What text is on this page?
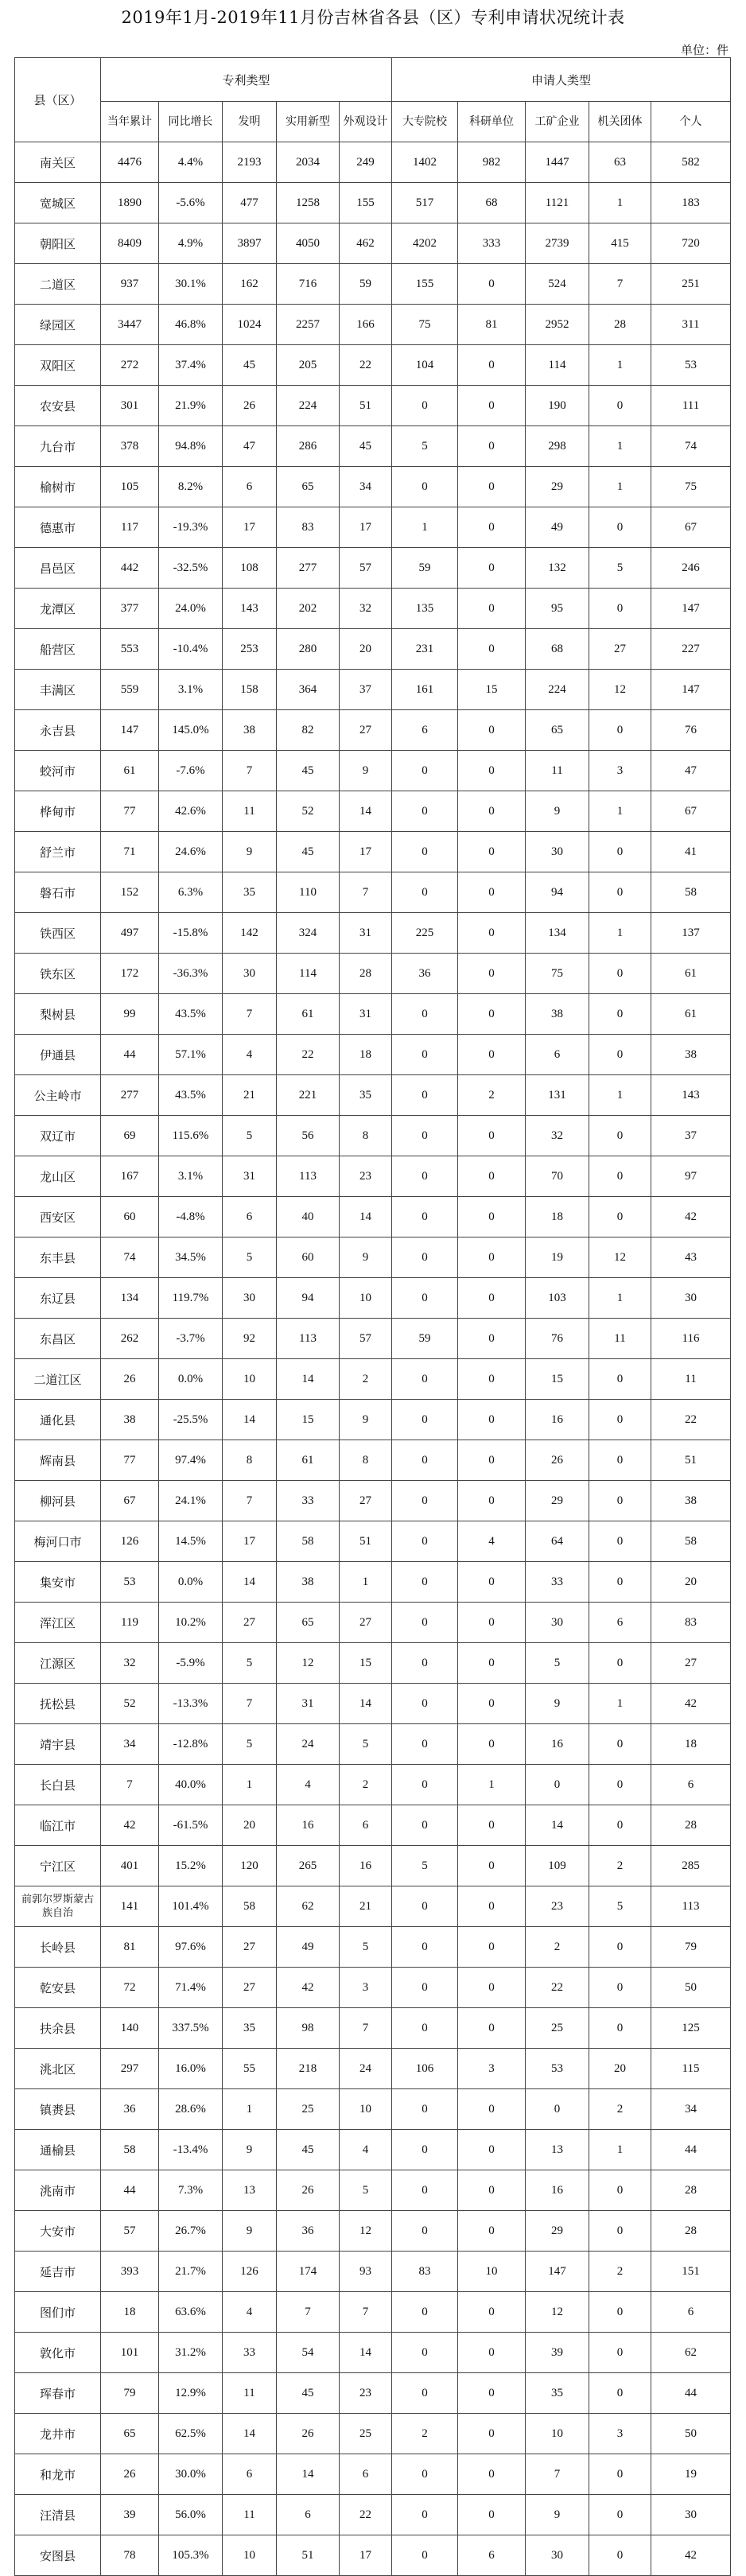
2019年1月-2019年11月份吉林省各县（区）专利申请状况统计表
单位：件
县（区）	专利类型					申请人类型				
	当年累计	同比增长	发明	实用新型	外观设计	大专院校	科研单位	工矿企业	机关团体	个人
南关区	4476	4.4%	2193	2034	249	1402	982	1447	63	582
宽城区	1890	-5.6%	477	1258	155	517	68	1121	1	183
朝阳区	8409	4.9%	3897	4050	462	4202	333	2739	415	720
二道区	937	30.1%	162	716	59	155	0	524	7	251
绿园区	3447	46.8%	1024	2257	166	75	81	2952	28	311
双阳区	272	37.4%	45	205	22	104	0	114	1	53
农安县	301	21.9%	26	224	51	0	0	190	0	111
九台市	378	94.8%	47	286	45	5	0	298	1	74
榆树市	105	8.2%	6	65	34	0	0	29	1	75
德惠市	117	-19.3%	17	83	17	1	0	49	0	67
昌邑区	442	-32.5%	108	277	57	59	0	132	5	246
龙潭区	377	24.0%	143	202	32	135	0	95	0	147
船营区	553	-10.4%	253	280	20	231	0	68	27	227
丰满区	559	3.1%	158	364	37	161	15	224	12	147
永吉县	147	145.0%	38	82	27	6	0	65	0	76
蛟河市	61	-7.6%	7	45	9	0	0	11	3	47
桦甸市	77	42.6%	11	52	14	0	0	9	1	67
舒兰市	71	24.6%	9	45	17	0	0	30	0	41
磐石市	152	6.3%	35	110	7	0	0	94	0	58
铁西区	497	-15.8%	142	324	31	225	0	134	1	137
铁东区	172	-36.3%	30	114	28	36	0	75	0	61
梨树县	99	43.5%	7	61	31	0	0	38	0	61
伊通县	44	57.1%	4	22	18	0	0	6	0	38
公主岭市	277	43.5%	21	221	35	0	2	131	1	143
双辽市	69	115.6%	5	56	8	0	0	32	0	37
龙山区	167	3.1%	31	113	23	0	0	70	0	97
西安区	60	-4.8%	6	40	14	0	0	18	0	42
东丰县	74	34.5%	5	60	9	0	0	19	12	43
东辽县	134	119.7%	30	94	10	0	0	103	1	30
东昌区	262	-3.7%	92	113	57	59	0	76	11	116
二道江区	26	0.0%	10	14	2	0	0	15	0	11
通化县	38	-25.5%	14	15	9	0	0	16	0	22
辉南县	77	97.4%	8	61	8	0	0	26	0	51
柳河县	67	24.1%	7	33	27	0	0	29	0	38
梅河口市	126	14.5%	17	58	51	0	4	64	0	58
集安市	53	0.0%	14	38	1	0	0	33	0	20
浑江区	119	10.2%	27	65	27	0	0	30	6	83
江源区	32	-5.9%	5	12	15	0	0	5	0	27
抚松县	52	-13.3%	7	31	14	0	0	9	1	42
靖宇县	34	-12.8%	5	24	5	0	0	16	0	18
长白县	7	40.0%	1	4	2	0	1	0	0	6
临江市	42	-61.5%	20	16	6	0	0	14	0	28
宁江区	401	15.2%	120	265	16	5	0	109	2	285
前郭尔罗斯蒙古族自治	141	101.4%	58	62	21	0	0	23	5	113
长岭县	81	97.6%	27	49	5	0	0	2	0	79
乾安县	72	71.4%	27	42	3	0	0	22	0	50
扶余县	140	337.5%	35	98	7	0	0	25	0	125
洮北区	297	16.0%	55	218	24	106	3	53	20	115
镇赉县	36	28.6%	1	25	10	0	0	0	2	34
通榆县	58	-13.4%	9	45	4	0	0	13	1	44
洮南市	44	7.3%	13	26	5	0	0	16	0	28
大安市	57	26.7%	9	36	12	0	0	29	0	28
延吉市	393	21.7%	126	174	93	83	10	147	2	151
图们市	18	63.6%	4	7	7	0	0	12	0	6
敦化市	101	31.2%	33	54	14	0	0	39	0	62
珲春市	79	12.9%	11	45	23	0	0	35	0	44
龙井市	65	62.5%	14	26	25	2	0	10	3	50
和龙市	26	30.0%	6	14	6	0	0	7	0	19
汪清县	39	56.0%	11	6	22	0	0	9	0	30
安图县	78	105.3%	10	51	17	0	6	30	0	42
